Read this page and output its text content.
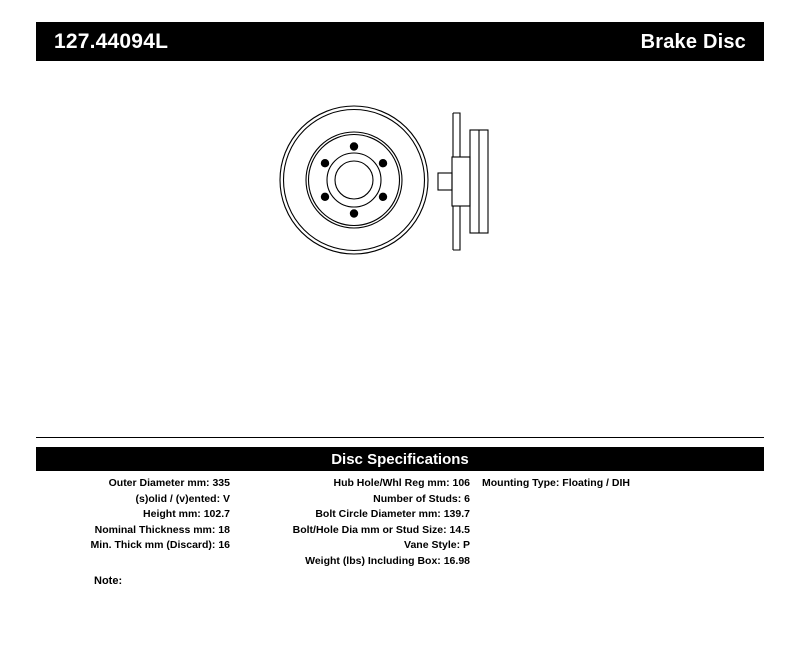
127.44094L	Brake Disc
Disc Specifications
Outer Diameter mm: 335
(s)olid / (v)ented: V
Height mm: 102.7
Nominal Thickness mm: 18
Min. Thick mm (Discard): 16
Hub Hole/Whl Reg mm: 106
Number of Studs: 6
Bolt Circle Diameter mm: 139.7
Bolt/Hole Dia mm or Stud Size: 14.5
Vane Style: P
Weight (lbs) Including Box: 16.98
Mounting Type: Floating / DIH
Note:
